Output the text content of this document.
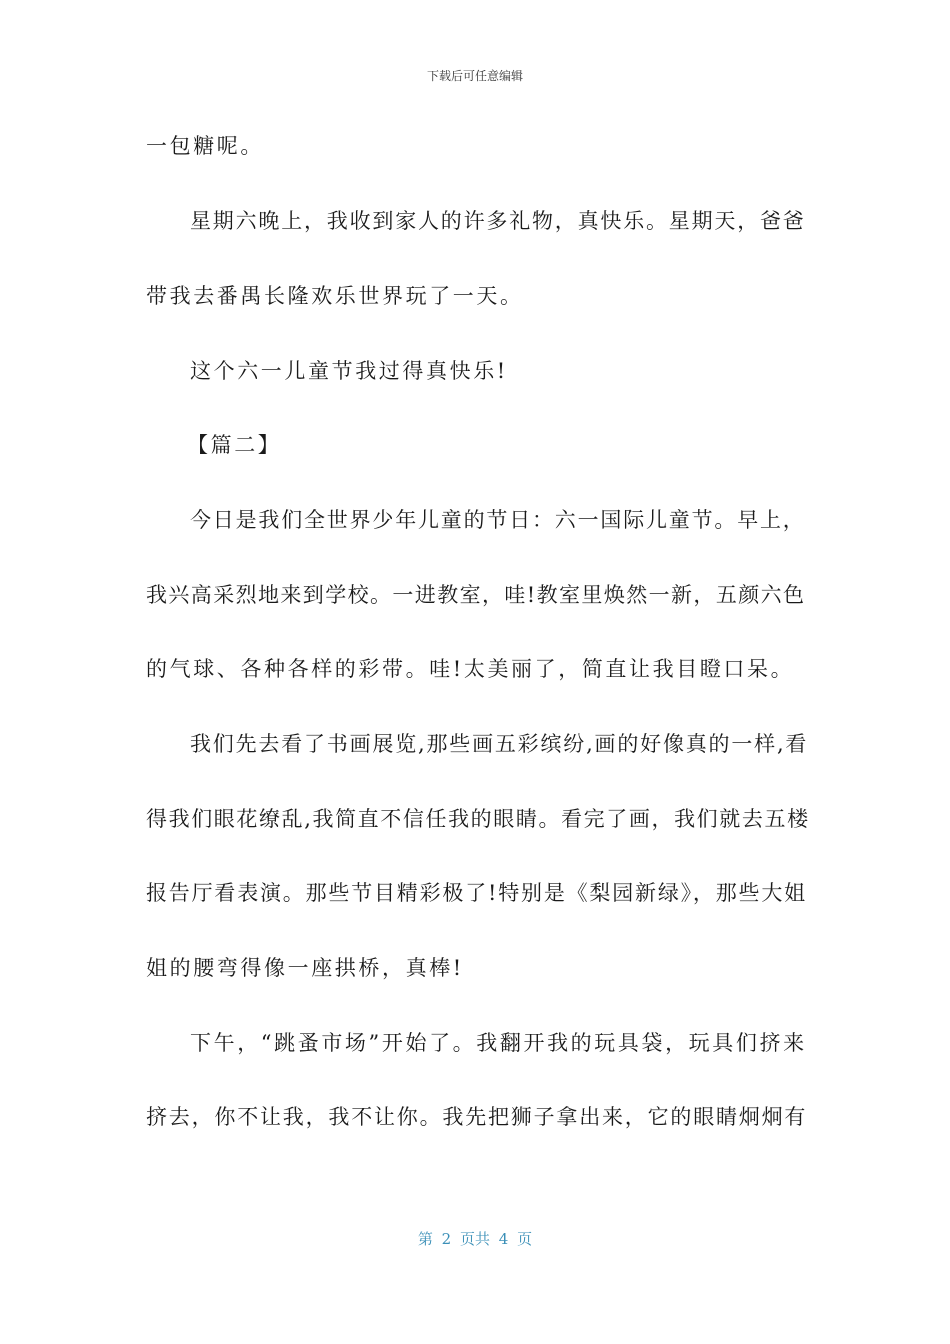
下载后可任意编辑
一包糖呢。
星期六晚上，我收到家人的许多礼物，真快乐。星期天，爸爸
带我去番禺长隆欢乐世界玩了一天。
这个六一儿童节我过得真快乐!
【篇二】
今日是我们全世界少年儿童的节日：六一国际儿童节。早上，
我兴高采烈地来到学校。一进教室，哇!教室里焕然一新，五颜六色
的气球、各种各样的彩带。哇!太美丽了，简直让我目瞪口呆。
我们先去看了书画展览,那些画五彩缤纷,画的好像真的一样,看
得我们眼花缭乱,我简直不信任我的眼睛。看完了画，我们就去五楼
报告厅看表演。那些节目精彩极了!特别是《梨园新绿》，那些大姐
姐的腰弯得像一座拱桥，真棒!
下午，“跳蚤市场”开始了。我翻开我的玩具袋，玩具们挤来
挤去，你不让我，我不让你。我先把狮子拿出来，它的眼睛炯炯有
第 2 页共 4 页
